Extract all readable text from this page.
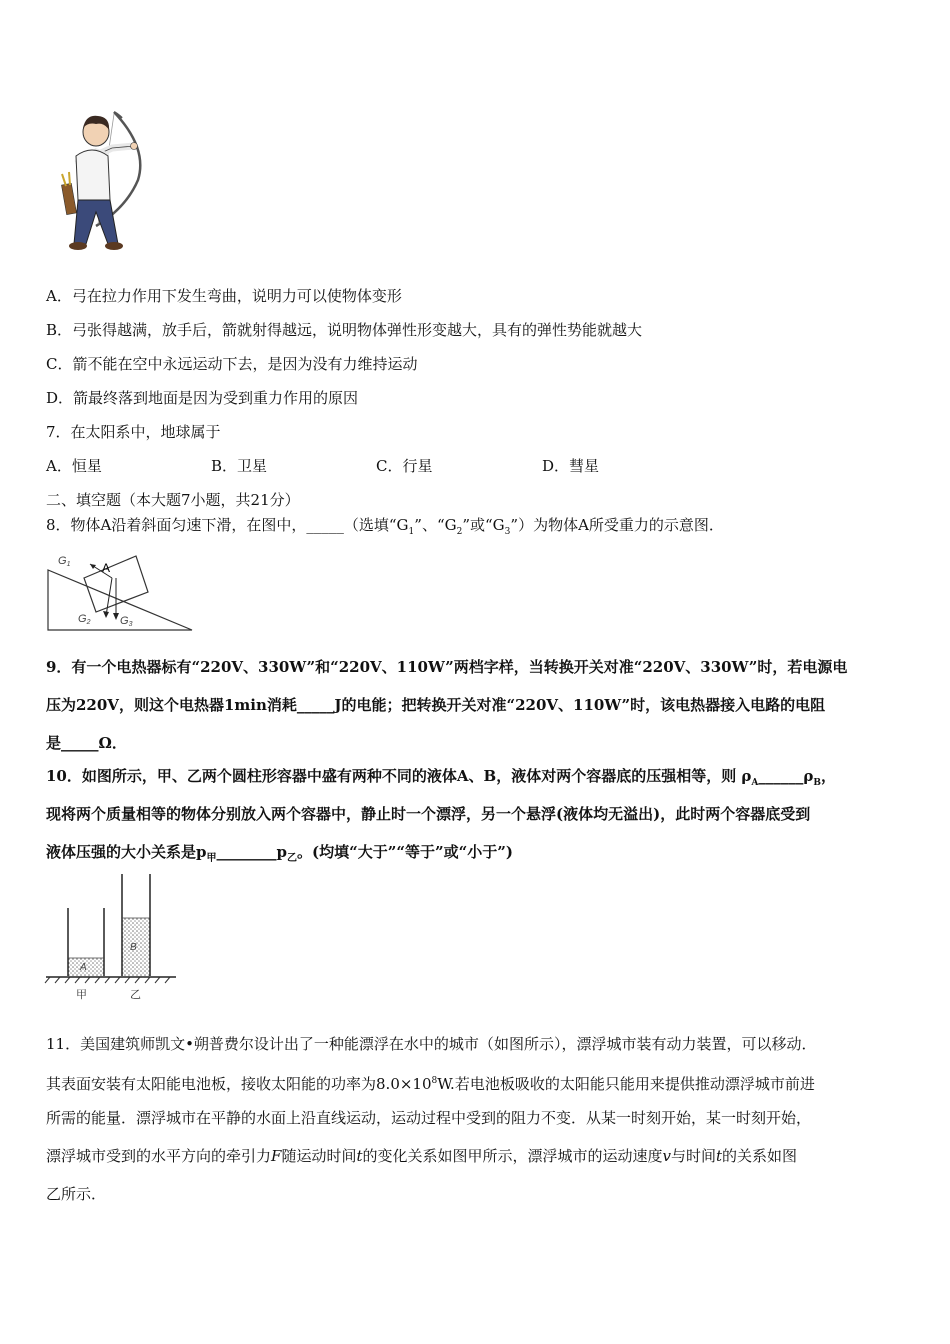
A．弓在拉力作用下发生弯曲，说明力可以使物体变形
B．弓张得越满，放手后，箭就射得越远，说明物体弹性形变越大，具有的弹性势能就越大
C．箭不能在空中永远运动下去，是因为没有力维持运动
D．箭最终落到地面是因为受到重力作用的原因
7．在太阳系中，地球属于
A．恒星	B．卫星	C．行星	D．彗星
二、填空题（本大题7小题，共21分）
8．物体A沿着斜面匀速下滑，在图中，_____（选填“$G_1$”、“$G_2$”或“$G_3$”）为物体A所受重力的示意图．
A
G1
G2	G3
9．有一个电热器标有“220V、330W”和“220V、110W”两档字样，当转换开关对准“220V、330W”时，若电源电
压为220V，则这个电热器1min消耗_____J的电能；把转换开关对准“220V、110W”时，该电热器接入电路的电阻
是_____Ω．
10．如图所示，甲、乙两个圆柱形容器中盛有两种不同的液体A、B，液体对两个容器底的压强相等，则 $\rho_A\_\_\_\_\_\_\rho_B$，
现将两个质量相等的物体分别放入两个容器中，静止时一个漂浮，另一个悬浮(液体均无溢出)，此时两个容器底受到
液体压强的大小关系是$p_甲\_\_\_\_\_\_\_\_p_乙$。(均填“大于”“等于”或“小于”)
A
B
甲	乙
11．美国建筑师凯文•朔普费尔设计出了一种能漂浮在水中的城市（如图所示），漂浮城市装有动力装置，可以移动．
其表面安装有太阳能电池板，接收太阳能的功率为$8.0\times 10^8W$.若电池板吸收的太阳能只能用来提供推动漂浮城市前进
所需的能量．漂浮城市在平静的水面上沿直线运动，运动过程中受到的阻力不变．从某一时刻开始，某一时刻开始，
漂浮城市受到的水平方向的牵引力F随运动时间t的变化关系如图甲所示，漂浮城市的运动速度v与时间t的关系如图
乙所示．
